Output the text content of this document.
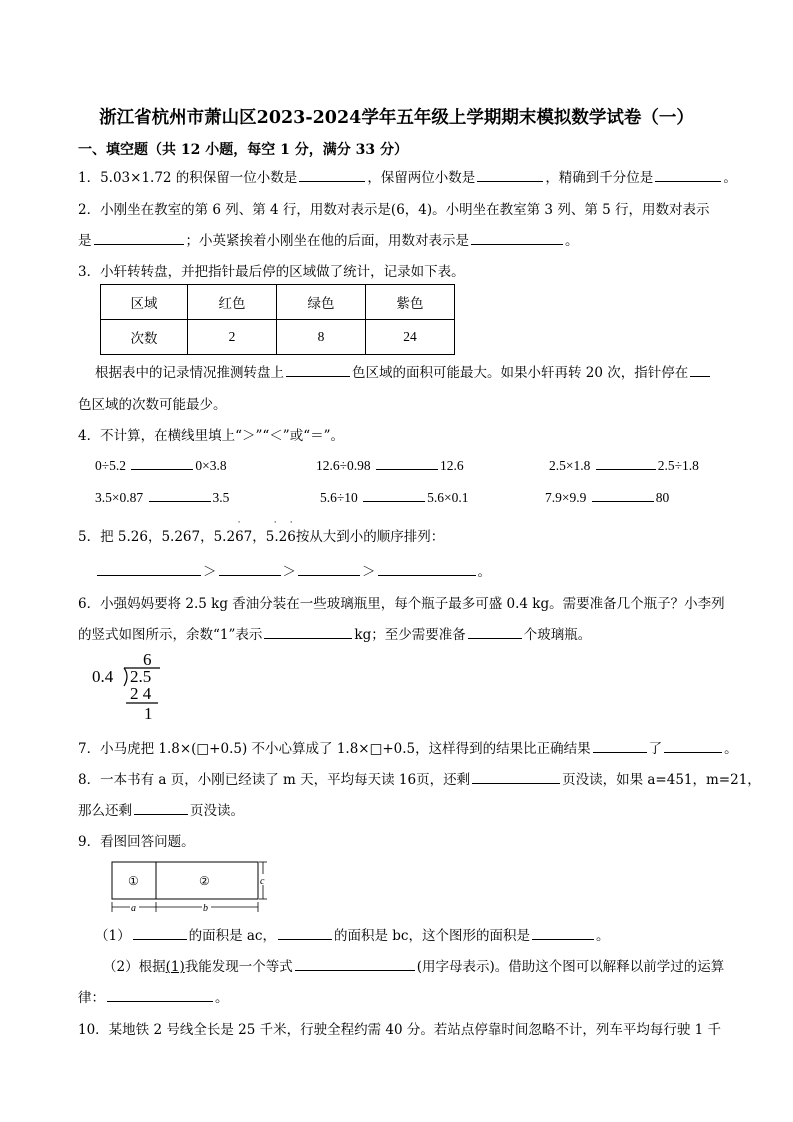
浙江省杭州市萧山区2023-2024学年五年级上学期期末模拟数学试卷（一）
一、填空题（共 12 小题，每空 1 分，满分 33 分）
1．5.03×1.72 的积保留一位小数是	，保留两位小数是	，精确到千分位是	。
2．小刚坐在教室的第 6 列、第 4 行，用数对表示是(6，4)。小明坐在教室第 3 列、第 5 行，用数对表示
是	；小英紧挨着小刚坐在他的后面，用数对表示是	。
3．小轩转转盘，并把指针最后停的区域做了统计，记录如下表。
区域	红色	绿色	紫色
次数	2	8	24
根据表中的记录情况推测转盘上	色区域的面积可能最大。如果小轩再转 20 次，指针停在
色区域的次数可能最少。
4．不计算，在横线里填上“＞”“＜”或“＝”。
0÷5.2	0×3.8	12.6÷0.98	12.6	2.5×1.8	2.5÷1.8
3.5×0.87	3.5	5.6÷10	5.6×0.1	7.9×9.9	80
5．把 5.26，5.267，
·
5.267，
· ·
5.26按从大到小的顺序排列：
＞	＞	＞	。
6．小强妈妈要将 2.5 kg 香油分装在一些玻璃瓶里，每个瓶子最多可盛 0.4 kg。需要准备几个瓶子？小李列
的竖式如图所示，余数“1”表示	kg；至少需要准备	个玻璃瓶。
6
0.4 2.5
2 4
1
7．小马虎把 1.8×(□+0.5) 不小心算成了 1.8×□+0.5，这样得到的结果比正确结果	了	。
8．一本书有 a 页，小刚已经读了 m 天，平均每天读 16页，还剩	页没读，如果 a=451，m=21，
那么还剩	页没读。
9．看图回答问题。
①	②
a	b
c
（1）	的面积是 ac，	的面积是 bc，这个图形的面积是	。
（2）根据(1)我能发现一个等式	(用字母表示)。借助这个图可以解释以前学过的运算
律：	。
10．某地铁 2 号线全长是 25 千米，行驶全程约需 40 分。若站点停靠时间忽略不计，列车平均每行驶 1 千
